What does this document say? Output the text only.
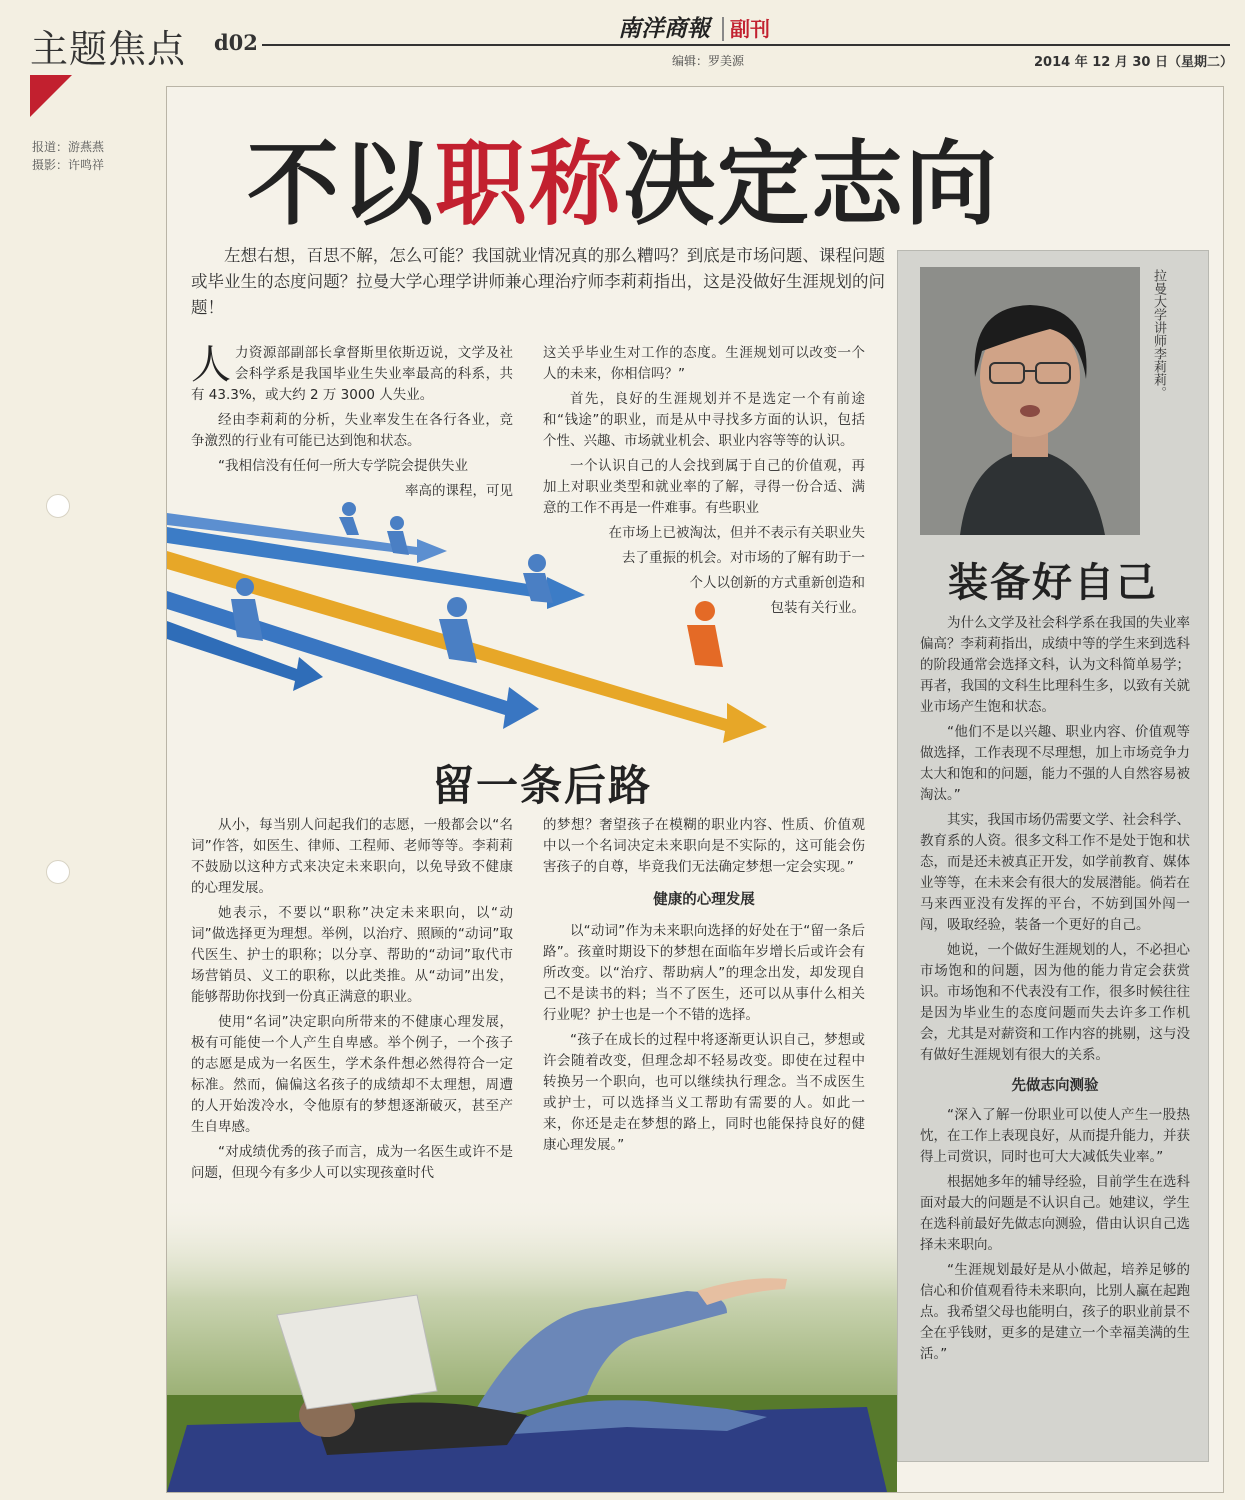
主题焦点 d02
南洋商報 副刊
编辑：罗美源	2014 年 12 月 30 日（星期二）
报道：游燕燕
摄影：许鸣祥 不以职称决定志向
左想右想，百思不解，怎么可能？我国就业情况真的那么糟吗？到底是市场问题、课程问题或毕业生的态度问题？拉曼大学心理学讲师兼心理治疗师李莉莉指出，这是没做好生涯规划的问题！	拉曼大学讲师李莉莉。
装备好自己

为什么文学及社会科学系在我国的失业率偏高？李莉莉指出，成绩中等的学生来到选科的阶段通常会选择文科，认为文科简单易学；再者，我国的文科生比理科生多，以致有关就业市场产生饱和状态。

“他们不是以兴趣、职业内容、价值观等做选择，工作表现不尽理想，加上市场竞争力太大和饱和的问题，能力不强的人自然容易被淘汰。”

其实，我国市场仍需要文学、社会科学、教育系的人资。很多文科工作不是处于饱和状态，而是还未被真正开发，如学前教育、媒体业等等，在未来会有很大的发展潜能。倘若在马来西亚没有发挥的平台，不妨到国外闯一闯，吸取经验，装备一个更好的自己。

她说，一个做好生涯规划的人，不必担心市场饱和的问题，因为他的能力肯定会获赏识。市场饱和不代表没有工作，很多时候往往是因为毕业生的态度问题而失去许多工作机会，尤其是对薪资和工作内容的挑剔，这与没有做好生涯规划有很大的关系。

先做志向测验

“深入了解一份职业可以使人产生一股热忱，在工作上表现良好，从而提升能力，并获得上司赏识，同时也可大大减低失业率。”

根据她多年的辅导经验，目前学生在选科面对最大的问题是不认识自己。她建议，学生在选科前最好先做志向测验，借由认识自己选择未来职向。

“生涯规划最好是从小做起，培养足够的信心和价值观看待未来职向，比别人赢在起跑点。我希望父母也能明白，孩子的职业前景不全在乎钱财，更多的是建立一个幸福美满的生活。”

人力资源部副部长拿督斯里依斯迈说，文学及社会科学系是我国毕业生失业率最高的科系，共有 43.3%，或大约 2 万 3000 人失业。

经由李莉莉的分析，失业率发生在各行各业，竞争激烈的行业有可能已达到饱和状态。

“我相信没有任何一所大专学院会提供失业

率高的课程，可见

这关乎毕业生对工作的态度。生涯规划可以改变一个人的未来，你相信吗？”

首先，良好的生涯规划并不是选定一个有前途和“钱途”的职业，而是从中寻找多方面的认识，包括个性、兴趣、市场就业机会、职业内容等等的认识。

一个认识自己的人会找到属于自己的价值观，再加上对职业类型和就业率的了解，寻得一份合适、满意的工作不再是一件难事。有些职业

在市场上已被淘汰，但并不表示有关职业失

去了重振的机会。对市场的了解有助于一

个人以创新的方式重新创造和

包装有关行业。

留一条后路

从小，每当别人问起我们的志愿，一般都会以“名词”作答，如医生、律师、工程师、老师等等。李莉莉不鼓励以这种方式来决定未来职向，以免导致不健康的心理发展。

她表示，不要以“职称”决定未来职向，以“动词”做选择更为理想。举例，以治疗、照顾的“动词”取代医生、护士的职称；以分享、帮助的“动词”取代市场营销员、义工的职称，以此类推。从“动词”出发，能够帮助你找到一份真正满意的职业。

使用“名词”决定职向所带来的不健康心理发展，极有可能使一个人产生自卑感。举个例子，一个孩子的志愿是成为一名医生，学术条件想必然得符合一定标准。然而，偏偏这名孩子的成绩却不太理想，周遭的人开始泼冷水，令他原有的梦想逐渐破灭，甚至产生自卑感。

“对成绩优秀的孩子而言，成为一名医生或许不是问题，但现今有多少人可以实现孩童时代

的梦想？奢望孩子在模糊的职业内容、性质、价值观中以一个名词决定未来职向是不实际的，这可能会伤害孩子的自尊，毕竟我们无法确定梦想一定会实现。”

健康的心理发展

以“动词”作为未来职向选择的好处在于“留一条后路”。孩童时期设下的梦想在面临年岁增长后或许会有所改变。以“治疗、帮助病人”的理念出发，却发现自己不是读书的料；当不了医生，还可以从事什么相关行业呢？护士也是一个不错的选择。

“孩子在成长的过程中将逐渐更认识自己，梦想或许会随着改变，但理念却不轻易改变。即使在过程中转换另一个职向，也可以继续执行理念。当不成医生或护士，可以选择当义工帮助有需要的人。如此一来，你还是走在梦想的路上，同时也能保持良好的健康心理发展。”
